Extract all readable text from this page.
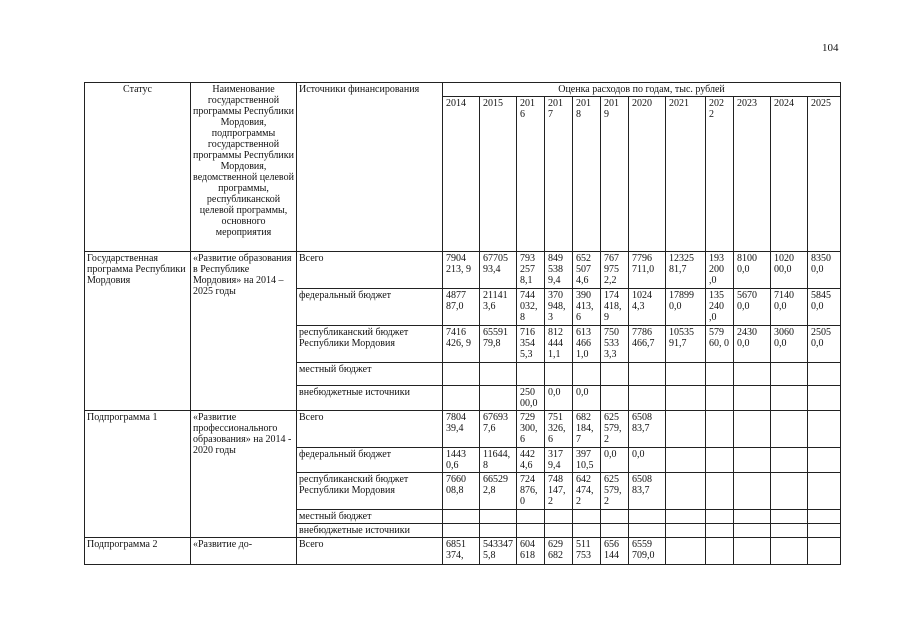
104
Статус	Наименование государственной программы Республики Мордовия, подпрограммы государственной программы Республики Мордовия, ведомственной целевой программы, республиканской целевой программы, основного мероприятия	Источники финансирования	Оценка расходов по годам, тыс. рублей											
			2014	2015	201 6	201 7	201 8	201 9	2020	2021	202 2	2023	2024	2025
Государственная программа Республики Мордовия	«Развитие образования в Республике Мордовия» на 2014 – 2025 годы	Всего	7904 213, 9	67705 93,4	793 257 8,1	849 538 9,4	652 507 4,6	767 975 2,2	7796 711,0	12325 81,7	193 200 ,0	8100 0,0	1020 00,0	8350 0,0
		федеральный бюджет	4877 87,0	21141 3,6	744 032, 8	370 948, 3	390 413, 6	174 418, 9	1024 4,3	17899 0,0	135 240 ,0	5670 0,0	7140 0,0	5845 0,0
		республиканский бюджет Республики Мордовия	7416 426, 9	65591 79,8	716 354 5,3	812 444 1,1	613 466 1,0	750 533 3,3	7786 466,7	10535 91,7	579 60, 0	2430 0,0	3060 0,0	2505 0,0
		местный бюджет												
		внебюджетные источники			250 00,0	0,0	0,0							
Подпрограмма 1	«Развитие профессионального образования» на 2014 - 2020 годы	Всего	7804 39,4	67693 7,6	729 300, 6	751 326, 6	682 184, 7	625 579, 2	6508 83,7					
		федеральный бюджет	1443 0,6	11644, 8	442 4,6	317 9,4	397 10,5	0,0	0,0					
		республиканский бюджет Республики Мордовия	7660 08,8	66529 2,8	724 876, 0	748 147, 2	642 474, 2	625 579, 2	6508 83,7					
		местный бюджет												
		внебюджетные источники												
Подпрограмма 2	«Развитие до-	Всего	6851 374,	543347 5,8	604 618	629 682	511 753	656 144	6559 709,0					
